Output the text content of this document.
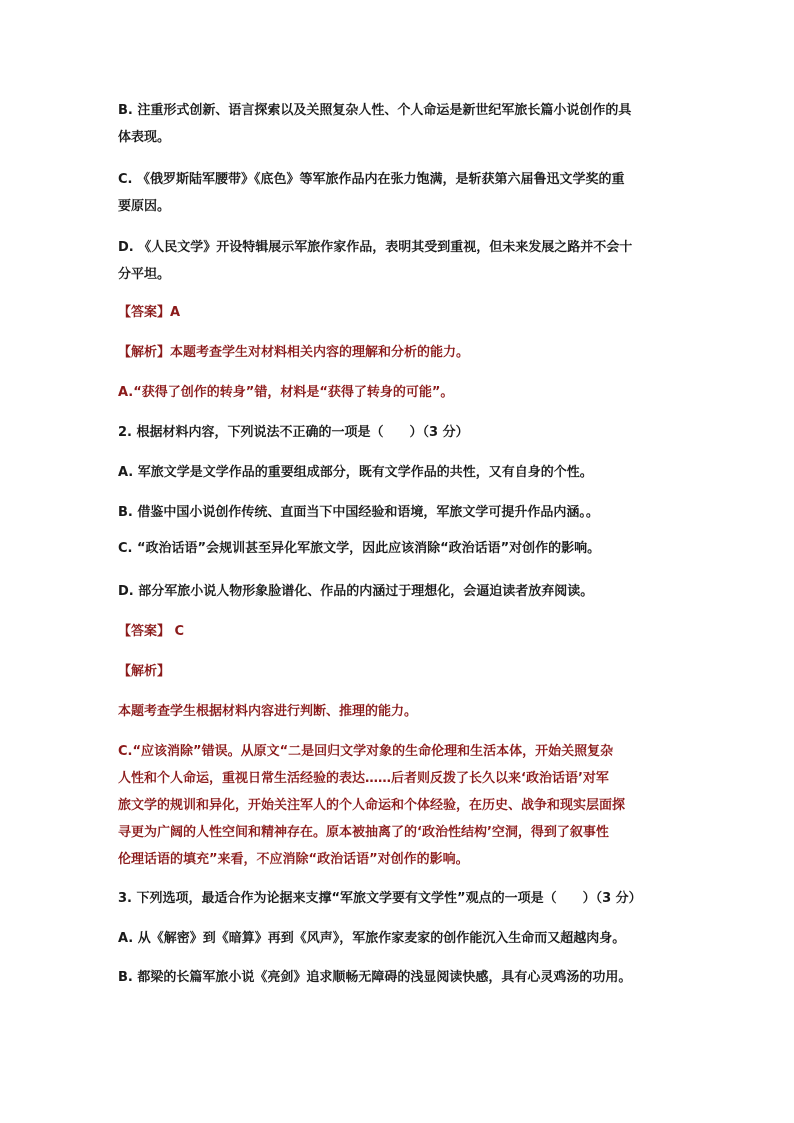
B. 注重形式创新、语言探索以及关照复杂人性、个人命运是新世纪军旅长篇小说创作的具
体表现。
C. 《俄罗斯陆军腰带》《底色》等军旅作品内在张力饱满，是斩获第六届鲁迅文学奖的重
要原因。
D. 《人民文学》开设特辑展示军旅作家作品，表明其受到重视，但未来发展之路并不会十
分平坦。
【答案】A
【解析】本题考查学生对材料相关内容的理解和分析的能力。
A.“获得了创作的转身”错，材料是“获得了转身的可能”。
2. 根据材料内容，下列说法不正确的一项是（　　）（3 分）
A. 军旅文学是文学作品的重要组成部分，既有文学作品的共性，又有自身的个性。
B. 借鉴中国小说创作传统、直面当下中国经验和语境，军旅文学可提升作品内涵。。
C. “政治话语”会规训甚至异化军旅文学，因此应该消除“政治话语”对创作的影响。
D. 部分军旅小说人物形象脸谱化、作品的内涵过于理想化，会逼迫读者放弃阅读。
【答案】 C
【解析】
本题考查学生根据材料内容进行判断、推理的能力。
C.“应该消除”错误。从原文“二是回归文学对象的生命伦理和生活本体，开始关照复杂
人性和个人命运，重视日常生活经验的表达……后者则反拨了长久以来‘政治话语’对军
旅文学的规训和异化，开始关注军人的个人命运和个体经验，在历史、战争和现实层面探
寻更为广阔的人性空间和精神存在。原本被抽离了的‘政治性结构’空洞，得到了叙事性
伦理话语的填充”来看，不应消除“政治话语”对创作的影响。
3. 下列选项，最适合作为论据来支撑“军旅文学要有文学性”观点的一项是（　　）（3 分）
A. 从《解密》到《暗算》再到《风声》，军旅作家麦家的创作能沉入生命而又超越肉身。
B. 都梁的长篇军旅小说《亮剑》追求顺畅无障碍的浅显阅读快感，具有心灵鸡汤的功用。
